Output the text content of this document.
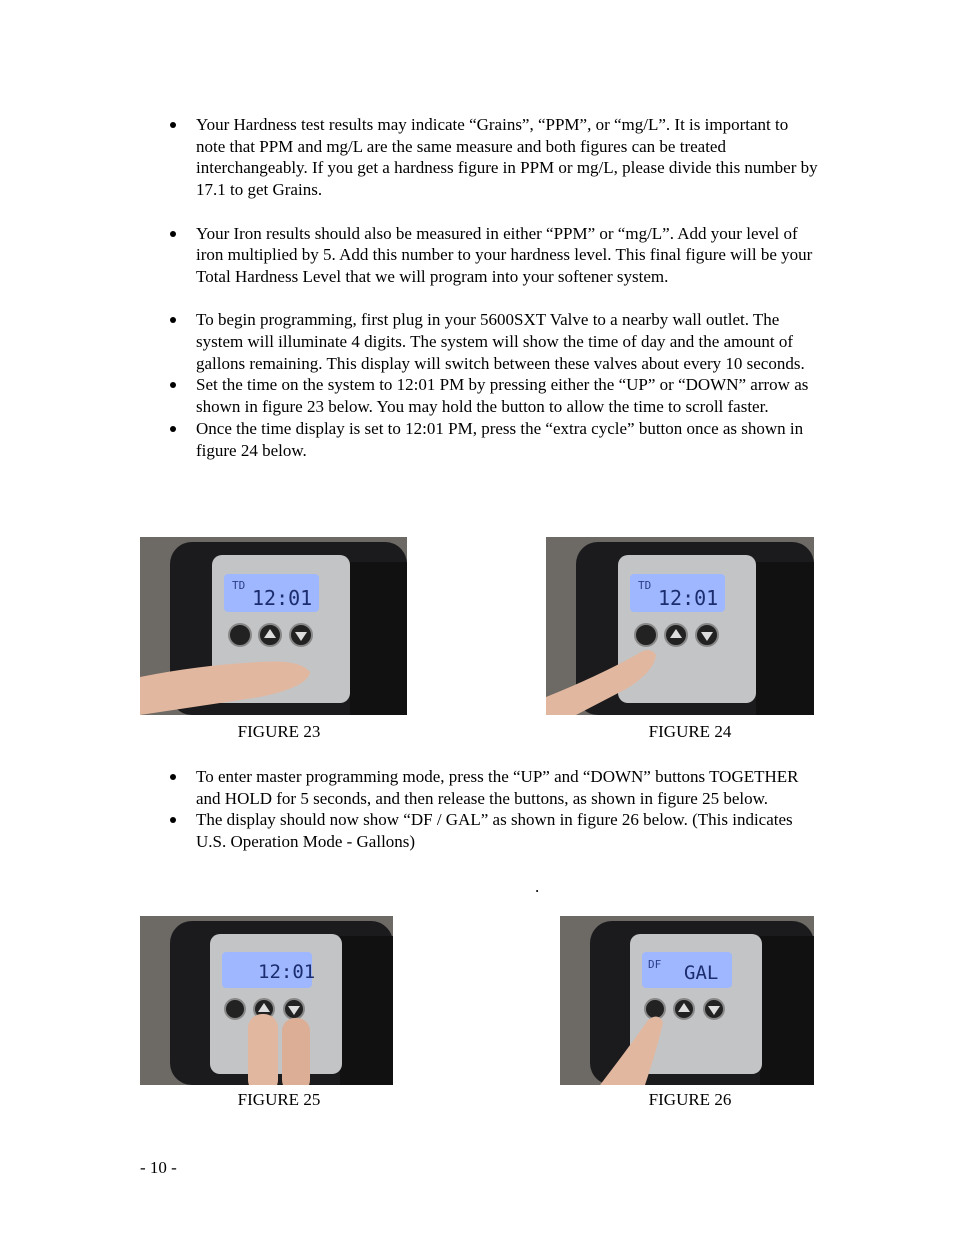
Your Hardness test results may indicate “Grains”, “PPM”, or “mg/L”. It is important to note that PPM and mg/L are the same measure and both figures can be treated interchangeably. If you get a hardness figure in PPM or mg/L, please divide this number by 17.1 to get Grains.
Your Iron results should also be measured in either “PPM” or “mg/L”. Add your level of iron multiplied by 5. Add this number to your hardness level. This final figure will be your Total Hardness Level that we will program into your softener system.
To begin programming, first plug in your 5600SXT Valve to a nearby wall outlet. The system will illuminate 4 digits. The system will show the time of day and the amount of gallons remaining. This display will switch between these valves about every 10 seconds.
Set the time on the system to 12:01 PM by pressing either the “UP” or “DOWN” arrow as shown in figure 23 below. You may hold the button to allow the time to scroll faster.
Once the time display is set to 12:01 PM, press the “extra cycle” button once as shown in figure 24 below.
TD
12:01
FIGURE 23
TD
12:01
FIGURE 24
To enter master programming mode, press the “UP” and “DOWN” buttons TOGETHER and HOLD for 5 seconds, and then release the buttons, as shown in figure 25 below.
The display should now show “DF / GAL” as shown in figure 26 below. (This indicates U.S. Operation Mode - Gallons)
.
12:01
FIGURE 25
DF GAL
FIGURE 26
- 10 -
